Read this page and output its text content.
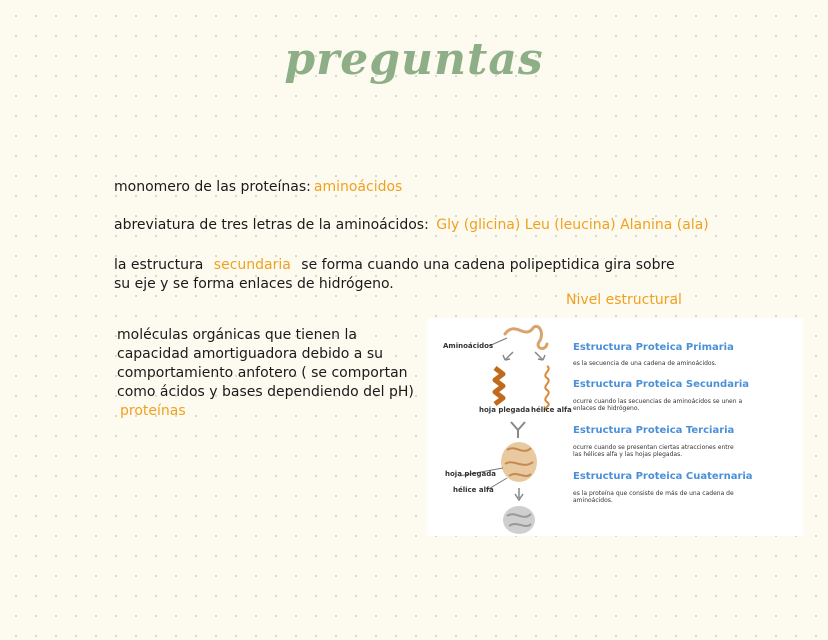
preguntas
monomero de las proteínas: aminoácidos
abreviatura de tres letras de la aminoácidos: Gly (glicina) Leu (leucina) Alanina (ala)
la estructura secundaria se forma cuando una cadena polipeptidica gira sobre su eje y se forma enlaces de hidrógeno.
Nivel estructural
moléculas orgánicas que tienen la capacidad amortiguadora debido a su comportamiento anfotero ( se comportan como ácidos y bases dependiendo del pH) proteínas
Aminoácidos
hoja plegada hélice alfa
hoja plegada
hélice alfa
Estructura Proteica Primaria
es la secuencia de una cadena de aminoácidos.
Estructura Proteica Secundaria
ocurre cuando las secuencias de aminoácidos se unen a enlaces de hidrógeno.
Estructura Proteica Terciaria
ocurre cuando se presentan ciertas atracciones entre las hélices alfa y las hojas plegadas.
Estructura Proteica Cuaternaria
es la proteína que consiste de más de una cadena de aminoácidos.
